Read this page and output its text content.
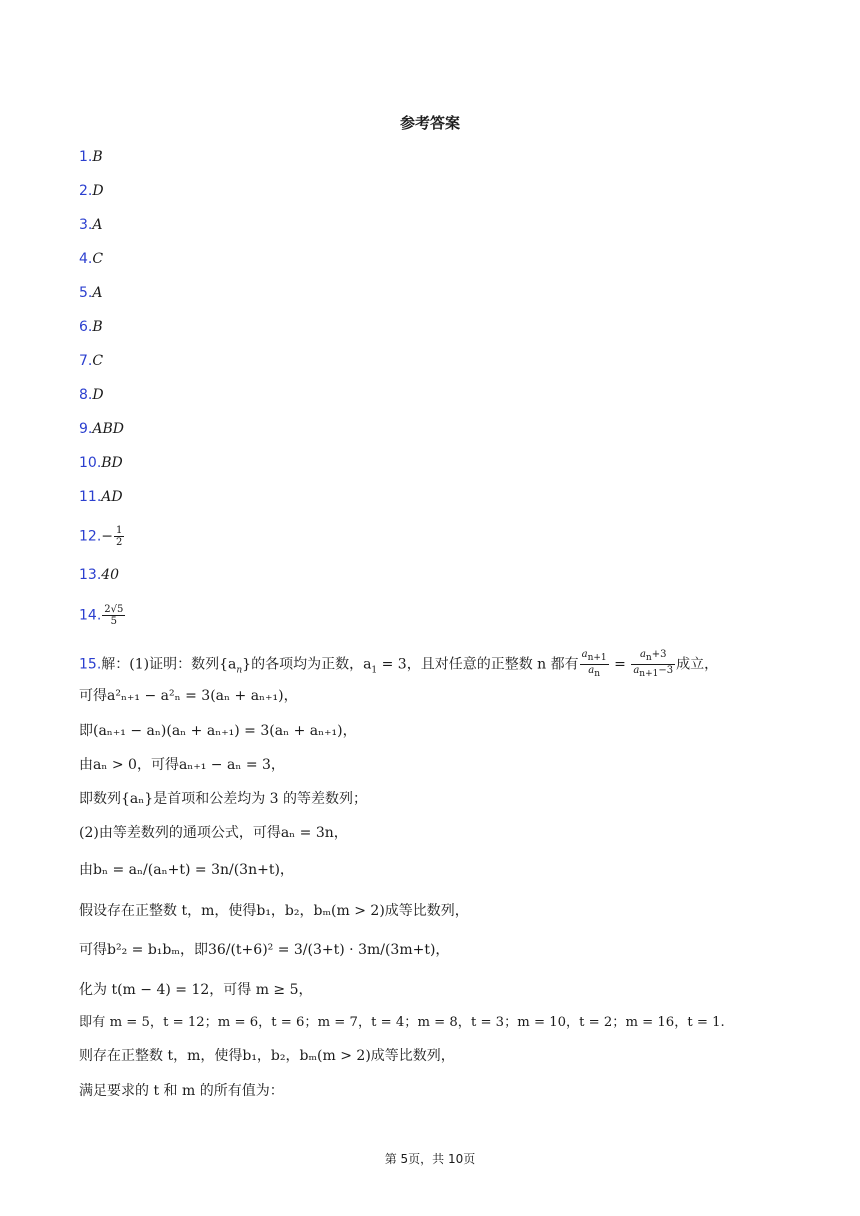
参考答案
1.B
2.D
3.A
4.C
5.A
6.B
7.C
8.D
9.ABD
10.BD
11.AD
$12.- \frac{1}{2}$
13.40
14. $\frac{2√5}{5}$
15.解：(1)证明：数列$\{a_n\}$的各项均为正数，$a_1 = 3$，且对任意的正整数 n 都有 $\frac{a_{n+1}}{a_n} = \frac{a_n+3}{a_{n+1}-3}$ 成立，
可得a²ₙ₊₁ − a²ₙ = 3(aₙ + aₙ₊₁)，
即(aₙ₊₁ − aₙ)(aₙ + aₙ₊₁) = 3(aₙ + aₙ₊₁)，
由aₙ > 0，可得aₙ₊₁ − aₙ = 3，
即数列{aₙ}是首项和公差均为 3 的等差数列；
(2)由等差数列的通项公式，可得aₙ = 3n，
由bₙ = aₙ/(aₙ+t) = 3n/(3n+t)，
假设存在正整数 t，m，使得b₁，b₂，bₘ(m > 2)成等比数列，
可得b²₂ = b₁bₘ，即36/(t+6)² = 3/(3+t) · 3m/(3m+t)，
化为 t(m − 4) = 12，可得 m ≥ 5，
即有 m = 5，t = 12；m = 6，t = 6；m = 7，t = 4；m = 8，t = 3；m = 10，t = 2；m = 16，t = 1.
则存在正整数 t，m，使得b₁，b₂，bₘ(m > 2)成等比数列，
满足要求的 t 和 m 的所有值为：
第 5页，共 10页
